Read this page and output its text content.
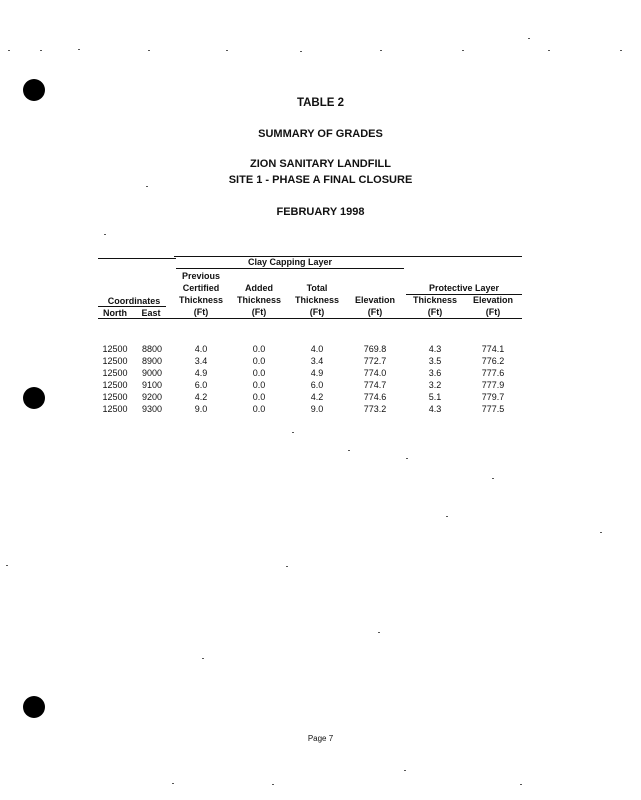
TABLE 2
SUMMARY OF GRADES
ZION SANITARY LANDFILL
SITE 1 - PHASE A FINAL CLOSURE
FEBRUARY 1998
Clay Capping Layer
Protective Layer
Coordinates
North	East
Previous
Certified
Thickness
(Ft)
Added
Thickness
(Ft)
Total
Thickness
(Ft)
Elevation
(Ft)
Thickness
(Ft)
Elevation
(Ft)
12500	8800	4.0	0.0	4.0	769.8	4.3	774.1
12500	8900	3.4	0.0	3.4	772.7	3.5	776.2
12500	9000	4.9	0.0	4.9	774.0	3.6	777.6
12500	9100	6.0	0.0	6.0	774.7	3.2	777.9
12500	9200	4.2	0.0	4.2	774.6	5.1	779.7
12500	9300	9.0	0.0	9.0	773.2	4.3	777.5
Page 7
